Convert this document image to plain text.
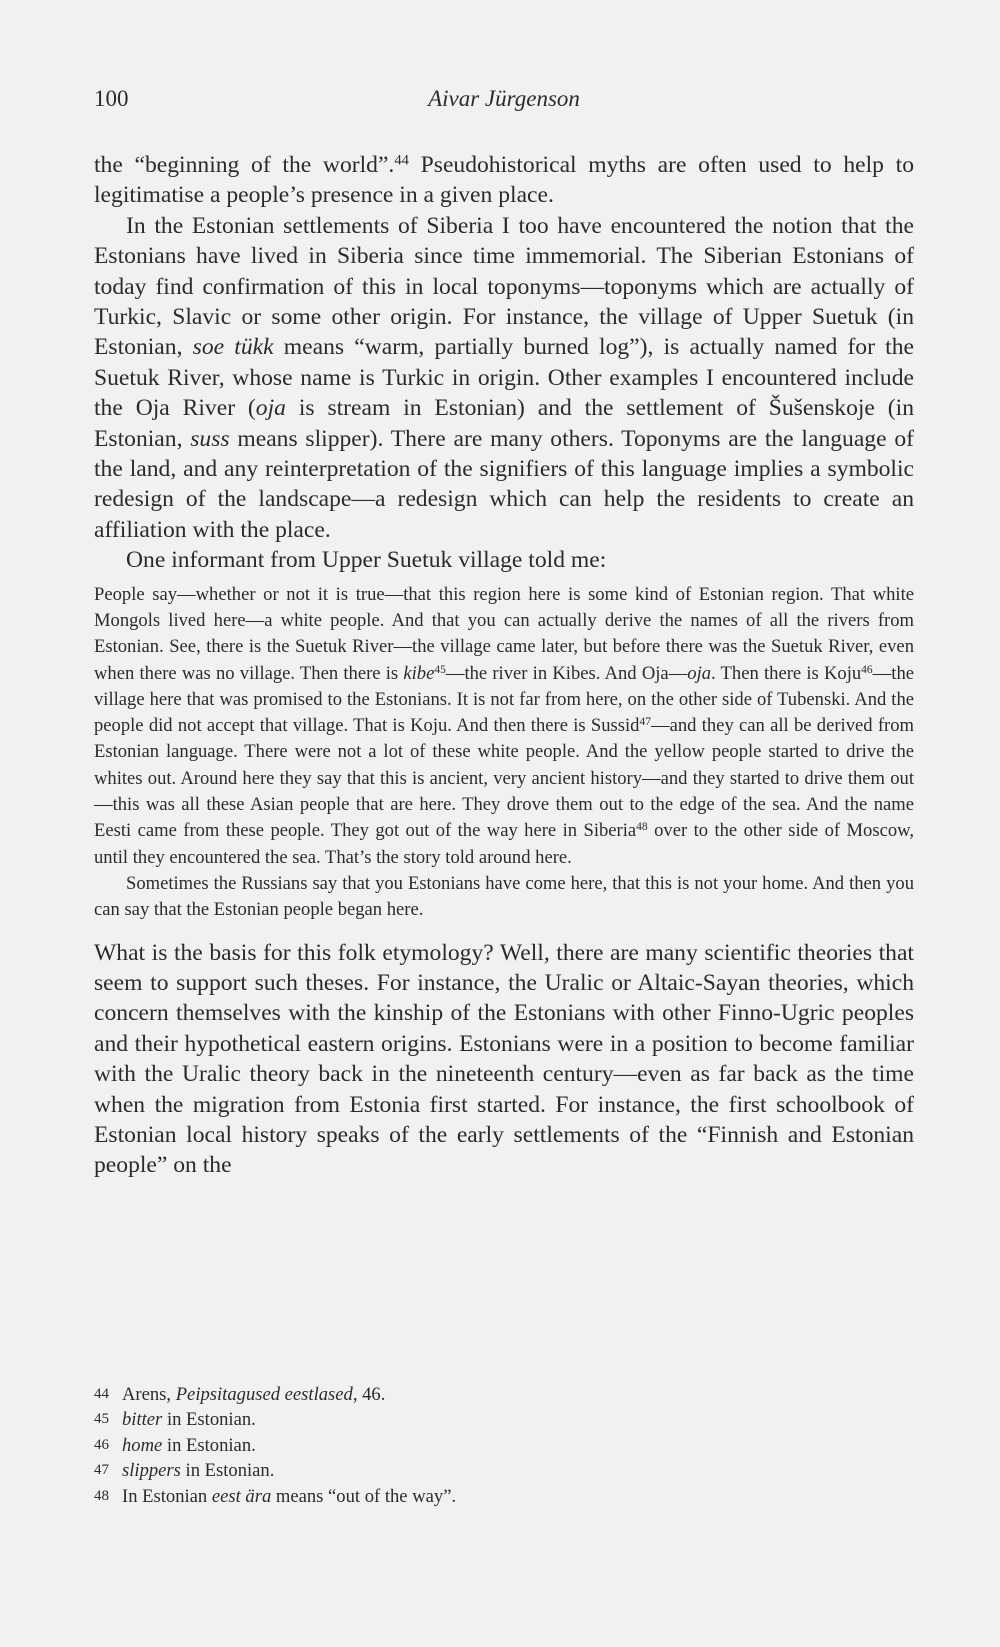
100	Aivar Jürgenson

the “beginning of the world”.$^{44}$ Pseudohistorical myths are often used to help to legitimatise a people’s presence in a given place.

In the Estonian settlements of Siberia I too have encountered the notion that the Estonians have lived in Siberia since time immemorial. The Siberian Estonians of today find confirmation of this in local toponyms—toponyms which are actually of Turkic, Slavic or some other origin. For instance, the village of Upper Suetuk (in Estonian, soe tükk means “warm, partially burned log”), is actually named for the Suetuk River, whose name is Turkic in origin. Other examples I encountered include the Oja River (oja is stream in Estonian) and the settlement of Šušenskoje (in Estonian, suss means slipper). There are many others. Toponyms are the language of the land, and any reinterpretation of the signifiers of this language implies a symbolic redesign of the landscape—a redesign which can help the residents to create an affiliation with the place.

One informant from Upper Suetuk village told me:

People say—whether or not it is true—that this region here is some kind of Estonian region. That white Mongols lived here—a white people. And that you can actually derive the names of all the rivers from Estonian. See, there is the Suetuk River—the village came later, but before there was the Suetuk River, even when there was no village. Then there is kibe$^{45}$—the river in Kibes. And Oja—oja. Then there is Koju$^{46}$—the village here that was promised to the Estonians. It is not far from here, on the other side of Tubenski. And the people did not accept that village. That is Koju. And then there is Sussid$^{47}$—and they can all be derived from Estonian language. There were not a lot of these white people. And the yellow people started to drive the whites out. Around here they say that this is ancient, very ancient history—and they started to drive them out—this was all these Asian people that are here. They drove them out to the edge of the sea. And the name Eesti came from these people. They got out of the way here in Siberia$^{48}$ over to the other side of Moscow, until they encountered the sea. That’s the story told around here.

Sometimes the Russians say that you Estonians have come here, that this is not your home. And then you can say that the Estonian people began here.

What is the basis for this folk etymology? Well, there are many scientific theories that seem to support such theses. For instance, the Uralic or Altaic-Sayan theories, which concern themselves with the kinship of the Estonians with other Finno-Ugric peoples and their hypothetical eastern origins. Estonians were in a position to become familiar with the Uralic theory back in the nineteenth century—even as far back as the time when the migration from Estonia first started. For instance, the first schoolbook of Estonian local history speaks of the early settlements of the “Finnish and Estonian people” on the

44 Arens, Peipsitagused eestlased, 46.
45 bitter in Estonian.
46 home in Estonian.
47 slippers in Estonian.
48 In Estonian eest ära means “out of the way”.
